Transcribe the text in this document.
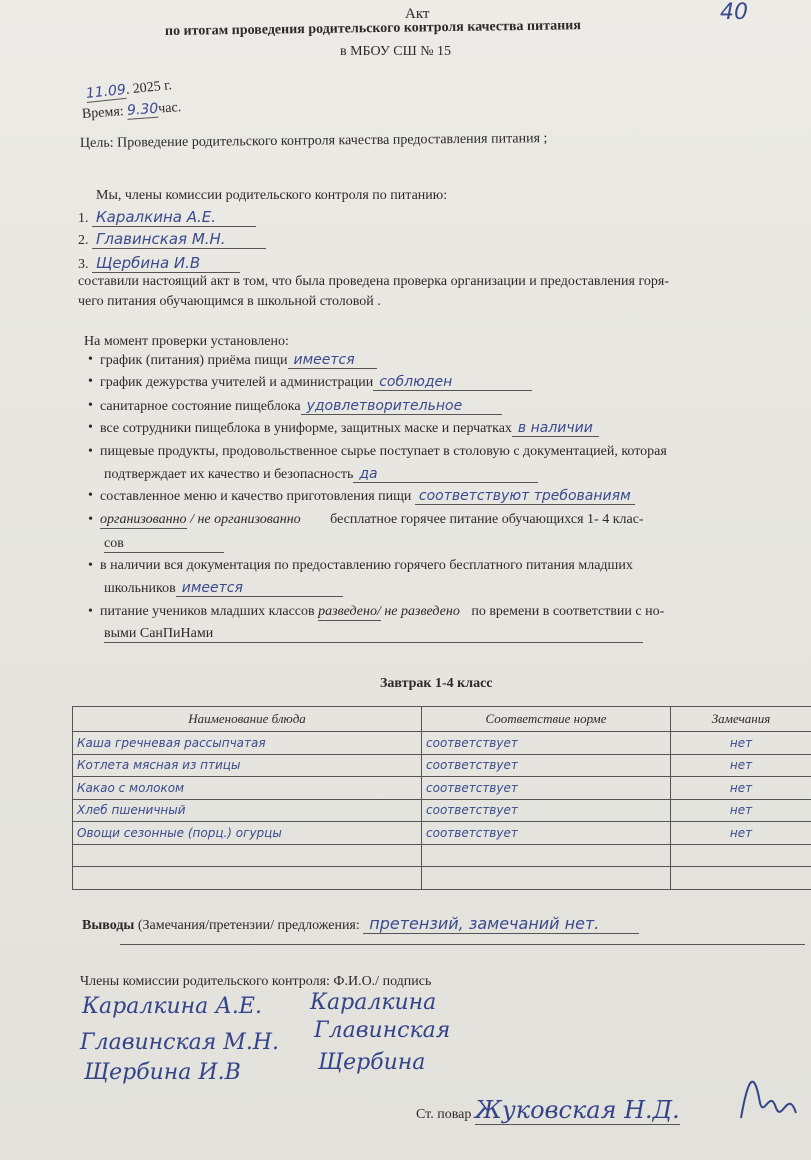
Акт
по итогам проведения родительского контроля качества питания
в МБОУ СШ № 15
40
11.09. 2025 г.
Время: 9.30час.
Цель: Проведение родительского контроля качества предоставления питания ;
Мы, члены комиссии родительского контроля по питанию:
1. Каралкина А.Е.
2. Главинская М.Н.
3. Щербина И.В
составили настоящий акт в том, что была проведена проверка организации и предоставления горя-
чего питания обучающимся в школьной столовой .
На момент проверки установлено:
• график (питания) приёма пищи имеется
• график дежурства учителей и администрации соблюден
• санитарное состояние пищеблока удовлетворительное
• все сотрудники пищеблока в униформе, защитных маске и перчатках в наличии
• пищевые продукты, продовольственное сырье поступает в столовую с документацией, которая
подтверждает их качество и безопасность да
• составленное меню и качество приготовления пищи соответствуют требованиям
• организованно / не организованно бесплатное горячее питание обучающихся 1- 4 клас-
сов
• в наличии вся документация по предоставлению горячего бесплатного питания младших
школьников имеется
• питание учеников младших классов разведено/ не разведено по времени в соответствии с но-
выми СанПиНами
Завтрак 1-4 класс
Наименование блюда	Соответствие норме	Замечания
Каша гречневая рассыпчатая	соответствует	нет
Котлета мясная из птицы	соответствует	нет
Какао с молоком	соответствует	нет
Хлеб пшеничный	соответствует	нет
Овощи сезонные (порц.) огурцы	соответствует	нет

Выводы (Замечания/претензии/ предложения: претензий, замечаний нет.
Члены комиссии родительского контроля: Ф.И.О./ подпись
Каралкина А.Е. Каралкина
Главинская М.Н. Главинская
Щербина И.В	Щербина
Ст. повар Жуковская Н.Д.
